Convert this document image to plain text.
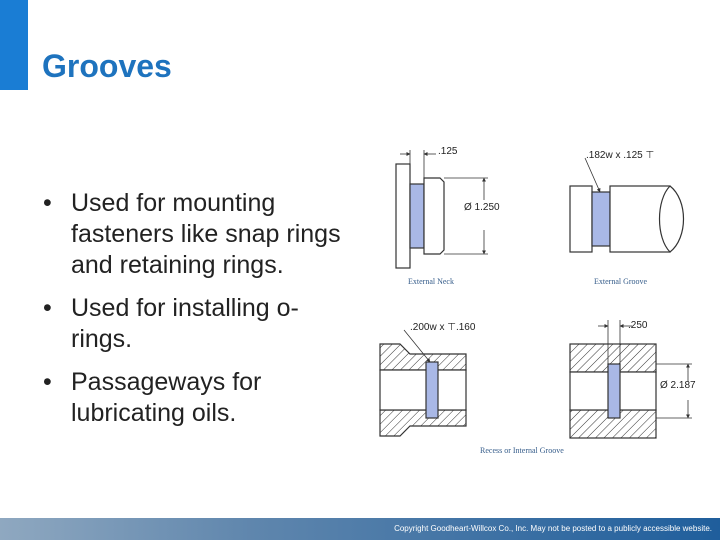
Grooves
• Used for mounting fasteners like snap rings and retaining rings.
• Used for installing o-rings.
• Passageways for lubricating oils.
.125
Ø 1.250
External Neck
.182w x .125 ⊤
External Groove
.200w x ⊤.160	.250
Ø 2.187
Recess or Internal Groove
Copyright Goodheart-Willcox Co., Inc. May not be posted to a publicly accessible website.
